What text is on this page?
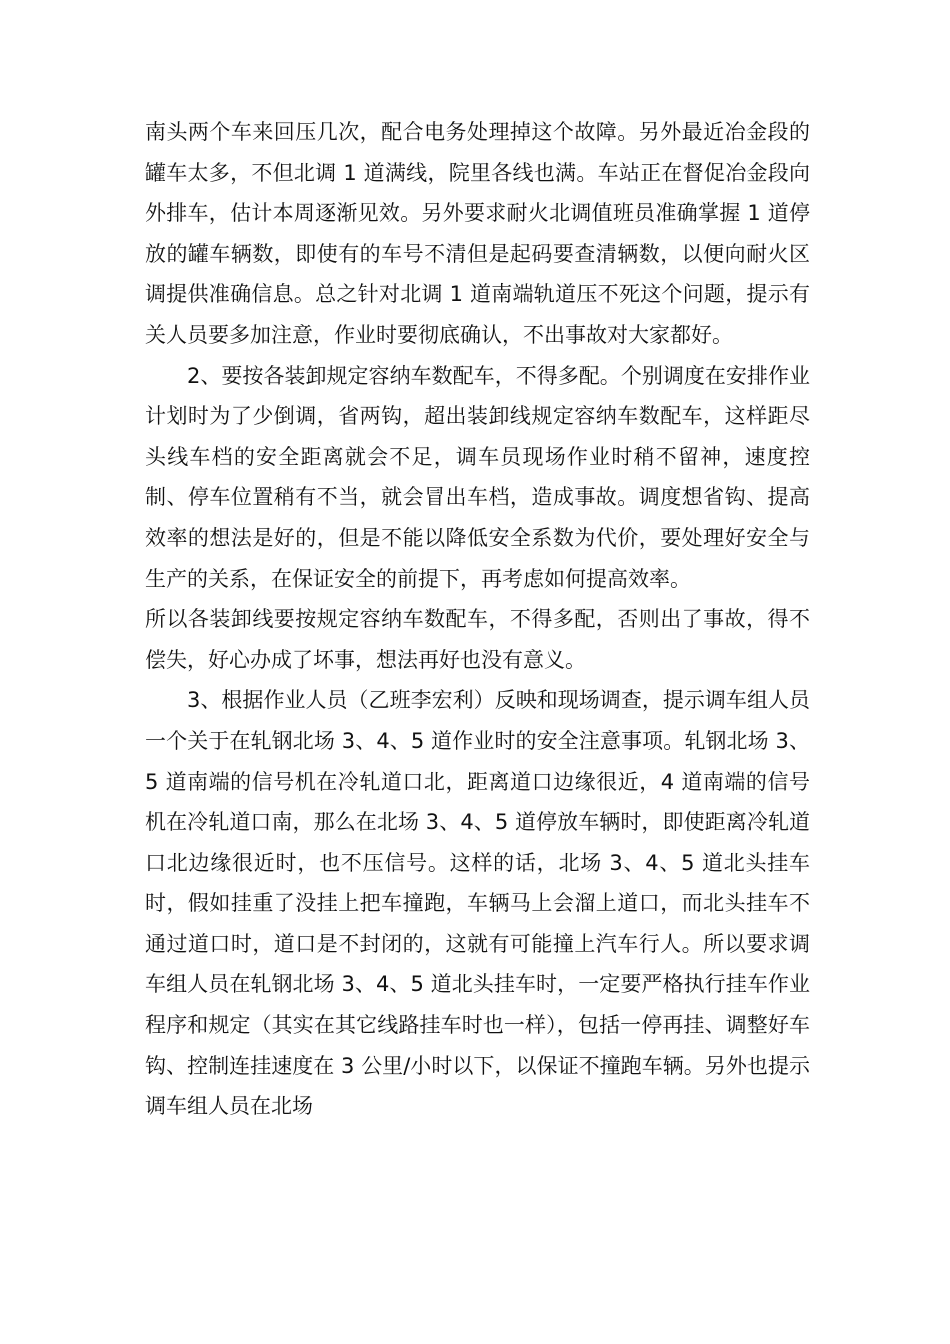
南头两个车来回压几次，配合电务处理掉这个故障。另外最近冶金段的罐车太多，不但北调 1 道满线，院里各线也满。车站正在督促冶金段向外排车，估计本周逐渐见效。另外要求耐火北调值班员准确掌握 1 道停放的罐车辆数，即使有的车号不清但是起码要查清辆数，以便向耐火区调提供准确信息。总之针对北调 1 道南端轨道压不死这个问题，提示有关人员要多加注意，作业时要彻底确认，不出事故对大家都好。

2、要按各装卸规定容纳车数配车，不得多配。个别调度在安排作业计划时为了少倒调，省两钩，超出装卸线规定容纳车数配车，这样距尽头线车档的安全距离就会不足，调车员现场作业时稍不留神，速度控制、停车位置稍有不当，就会冒出车档，造成事故。调度想省钩、提高效率的想法是好的，但是不能以降低安全系数为代价，要处理好安全与生产的关系，在保证安全的前提下，再考虑如何提高效率。

所以各装卸线要按规定容纳车数配车，不得多配，否则出了事故，得不偿失，好心办成了坏事，想法再好也没有意义。

3、根据作业人员（乙班李宏利）反映和现场调查，提示调车组人员一个关于在轧钢北场 3、4、5 道作业时的安全注意事项。轧钢北场 3、5 道南端的信号机在冷轧道口北，距离道口边缘很近，4 道南端的信号机在冷轧道口南，那么在北场 3、4、5 道停放车辆时，即使距离冷轧道口北边缘很近时，也不压信号。这样的话，北场 3、4、5 道北头挂车时，假如挂重了没挂上把车撞跑，车辆马上会溜上道口，而北头挂车不通过道口时，道口是不封闭的，这就有可能撞上汽车行人。所以要求调车组人员在轧钢北场 3、4、5 道北头挂车时，一定要严格执行挂车作业程序和规定（其实在其它线路挂车时也一样），包括一停再挂、调整好车钩、控制连挂速度在 3 公里/小时以下，以保证不撞跑车辆。另外也提示调车组人员在北场
